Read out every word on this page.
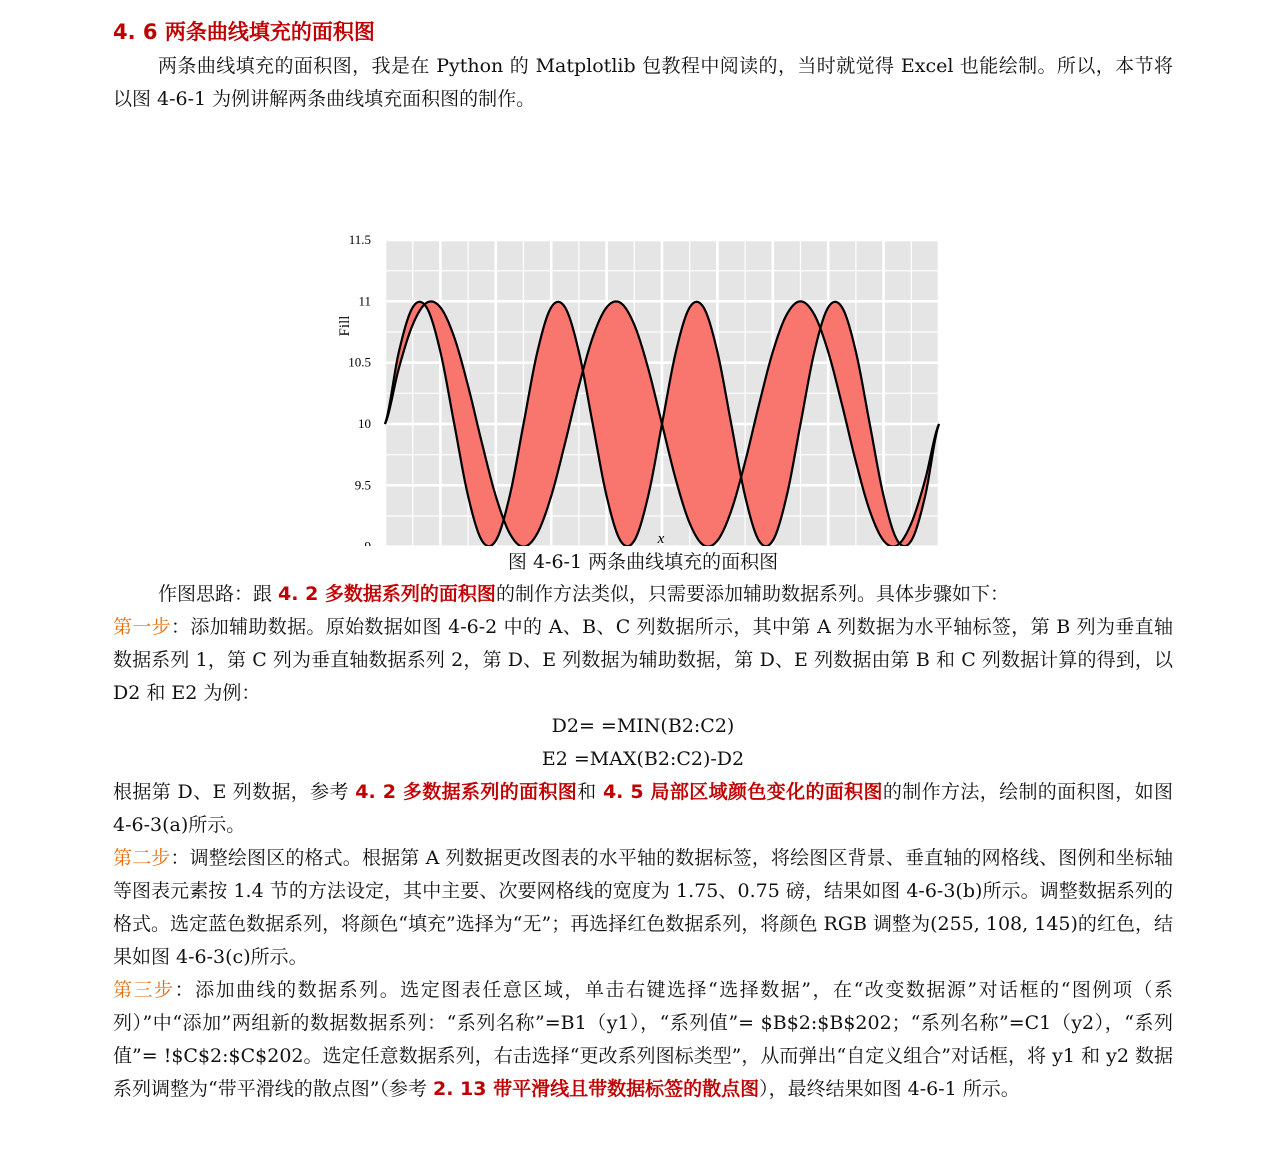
4. 6 两条曲线填充的面积图

两条曲线填充的面积图，我是在 Python 的 Matplotlib 包教程中阅读的，当时就觉得 Excel 也能绘制。所以，本节将以图 4-6-1 为例讲解两条曲线填充面积图的制作。

11.5
11
10.5
10
9.5
x
Fill

图 4-6-1 两条曲线填充的面积图

作图思路：跟 4. 2 多数据系列的面积图的制作方法类似，只需要添加辅助数据系列。具体步骤如下：

第一步：添加辅助数据。原始数据如图 4-6-2 中的 A、B、C 列数据所示，其中第 A 列数据为水平轴标签，第 B 列为垂直轴数据系列 1，第 C 列为垂直轴数据系列 2，第 D、E 列数据为辅助数据，第 D、E 列数据由第 B 和 C 列数据计算的得到，以 D2 和 E2 为例：

D2= =MIN(B2:C2)

E2 =MAX(B2:C2)-D2

根据第 D、E 列数据，参考 4. 2 多数据系列的面积图和 4. 5 局部区域颜色变化的面积图的制作方法，绘制的面积图，如图 4-6-3(a)所示。

第二步：调整绘图区的格式。根据第 A 列数据更改图表的水平轴的数据标签，将绘图区背景、垂直轴的网格线、图例和坐标轴等图表元素按 1.4 节的方法设定，其中主要、次要网格线的宽度为 1.75、0.75 磅，结果如图 4-6-3(b)所示。调整数据系列的格式。选定蓝色数据系列，将颜色“填充”选择为“无”；再选择红色数据系列，将颜色 RGB 调整为(255, 108, 145)的红色，结果如图 4-6-3(c)所示。

第三步：添加曲线的数据系列。选定图表任意区域，单击右键选择“选择数据”，在“改变数据源”对话框的“图例项（系列）”中“添加”两组新的数据数据系列：“系列名称”=B1（y1），“系列值”= $B$2:$B$202；“系列名称”=C1（y2），“系列值”= !$C$2:$C$202。选定任意数据系列，右击选择“更改系列图标类型”，从而弹出“自定义组合”对话框，将 y1 和 y2 数据系列调整为“带平滑线的散点图”（参考 2. 13 带平滑线且带数据标签的散点图），最终结果如图 4-6-1 所示。
